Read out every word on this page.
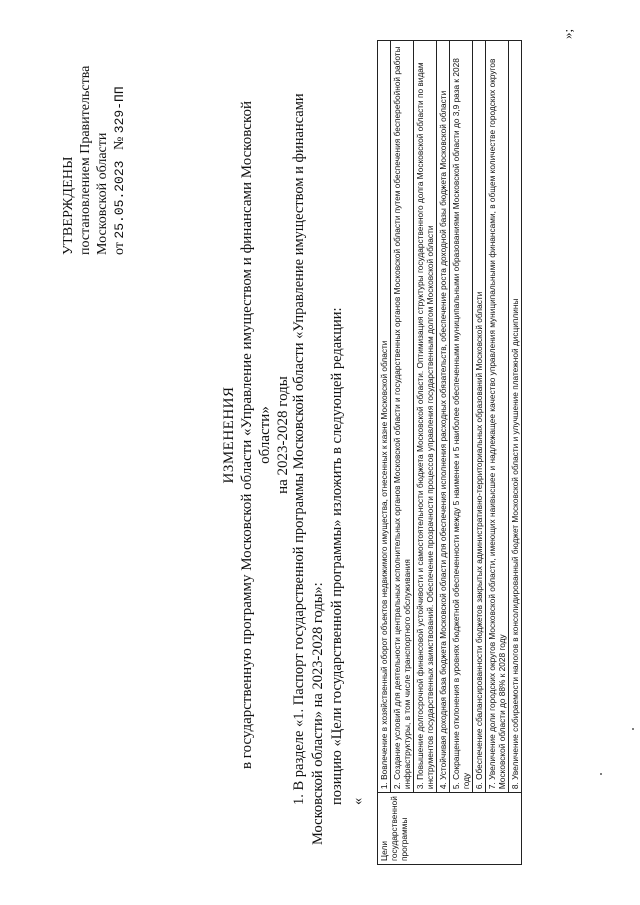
УТВЕРЖДЕНЫ постановлением Правительства Московской области от 25.05.2023   № 329-ПП
ИЗМЕНЕНИЯ в государственную программу Московской области «Управление имуществом и финансами Московской области» на 2023-2028 годы 1. В разделе «1. Паспорт государственной программы Московской области «Управление имуществом и финансами Московской области» на 2023-2028 годы»: позицию «Цели государственной программы» изложить в следующей редакции: «

Цели государственной программы	1. Вовлечение в хозяйственный оборот объектов недвижимого имущества, отнесенных к казне Московской области
2. Создание условий для деятельности центральных исполнительных органов Московской области и государственных органов Московской области путем обеспечения бесперебойной работы инфраструктуры, в том числе транспортного обслуживания
3. Повышение долгосрочной финансовой устойчивости и самостоятельности бюджета Московской области. Оптимизация структуры государственного долга Московской области по видам инструментов государственных заимствований. Обеспечение прозрачности процессов управления государственным долгом Московской области
4. Устойчивая доходная база бюджета Московской области для обеспечения исполнения расходных обязательств, обеспечение роста доходной базы бюджета Московской области
5. Сокращение отклонения в уровнях бюджетной обеспеченности между 5 наименее и 5 наиболее обеспеченными муниципальными образованиями Московской области до 3,9 раза к 2028 году
6. Обеспечение сбалансированности бюджетов закрытых административно-территориальных образований Московской области
7. Увеличение доли городских округов Московской области, имеющих наивысшее и надлежащее качество управления муниципальными финансами, в общем количестве городских округов Московской области до 88% к 2028 году
8. Увеличение собираемости налогов в консолидированный бюджет Московской области и улучшение платежной дисциплины
»;
